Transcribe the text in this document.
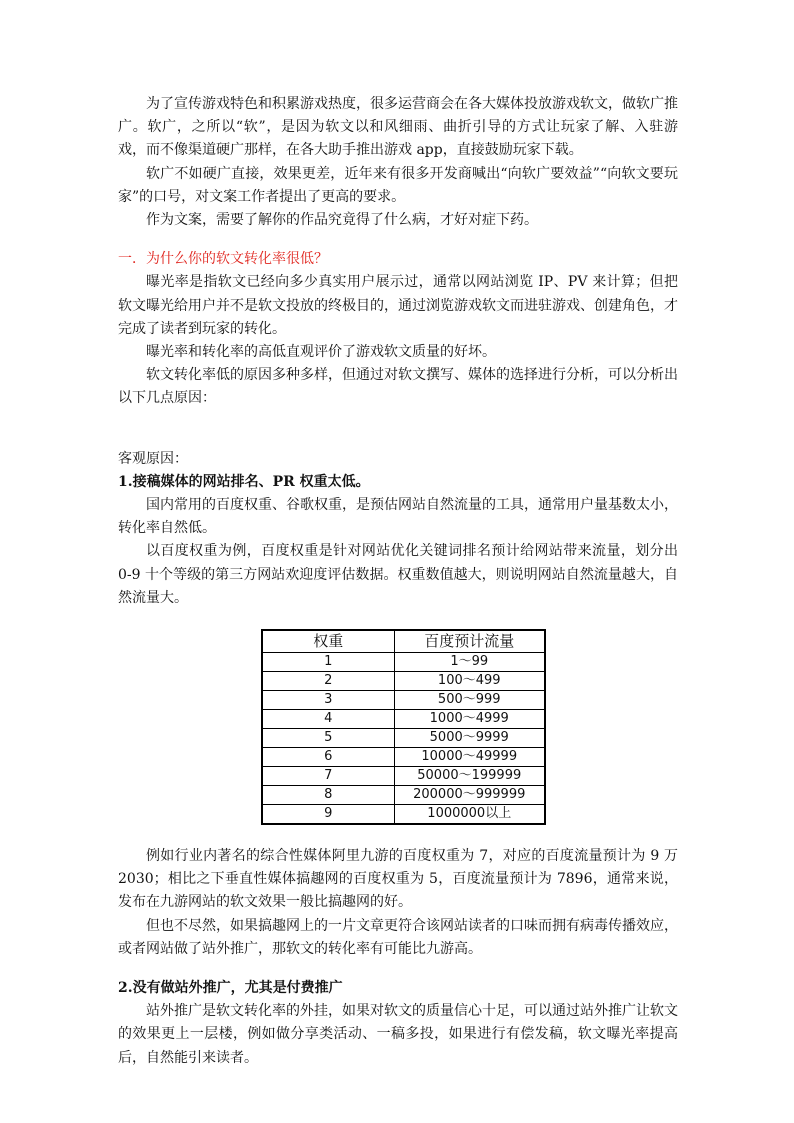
为了宣传游戏特色和积累游戏热度，很多运营商会在各大媒体投放游戏软文，做软广推广。软广，之所以“软”，是因为软文以和风细雨、曲折引导的方式让玩家了解、入驻游戏，而不像渠道硬广那样，在各大助手推出游戏 app，直接鼓励玩家下载。

软广不如硬广直接，效果更差，近年来有很多开发商喊出“向软广要效益”“向软文要玩家”的口号，对文案工作者提出了更高的要求。

作为文案，需要了解你的作品究竟得了什么病，才好对症下药。

一．为什么你的软文转化率很低？

曝光率是指软文已经向多少真实用户展示过，通常以网站浏览 IP、PV 来计算；但把软文曝光给用户并不是软文投放的终极目的，通过浏览游戏软文而进驻游戏、创建角色，才完成了读者到玩家的转化。

曝光率和转化率的高低直观评价了游戏软文质量的好坏。

软文转化率低的原因多种多样，但通过对软文撰写、媒体的选择进行分析，可以分析出以下几点原因：

客观原因：

1.接稿媒体的网站排名、PR 权重太低。

国内常用的百度权重、谷歌权重，是预估网站自然流量的工具，通常用户量基数太小，转化率自然低。

以百度权重为例，百度权重是针对网站优化关键词排名预计给网站带来流量，划分出 0-9 十个等级的第三方网站欢迎度评估数据。权重数值越大，则说明网站自然流量越大，自然流量大。

权重	百度预计流量
1	1～99
2	100～499
3	500～999
4	1000～4999
5	5000～9999
6	10000～49999
7	50000～199999
8	200000～999999
9	1000000以上

例如行业内著名的综合性媒体阿里九游的百度权重为 7，对应的百度流量预计为 9 万 2030；相比之下垂直性媒体搞趣网的百度权重为 5，百度流量预计为 7896，通常来说，发布在九游网站的软文效果一般比搞趣网的好。

但也不尽然，如果搞趣网上的一片文章更符合该网站读者的口味而拥有病毒传播效应，或者网站做了站外推广，那软文的转化率有可能比九游高。

2.没有做站外推广，尤其是付费推广

站外推广是软文转化率的外挂，如果对软文的质量信心十足，可以通过站外推广让软文的效果更上一层楼，例如做分享类活动、一稿多投，如果进行有偿发稿，软文曝光率提高后，自然能引来读者。
